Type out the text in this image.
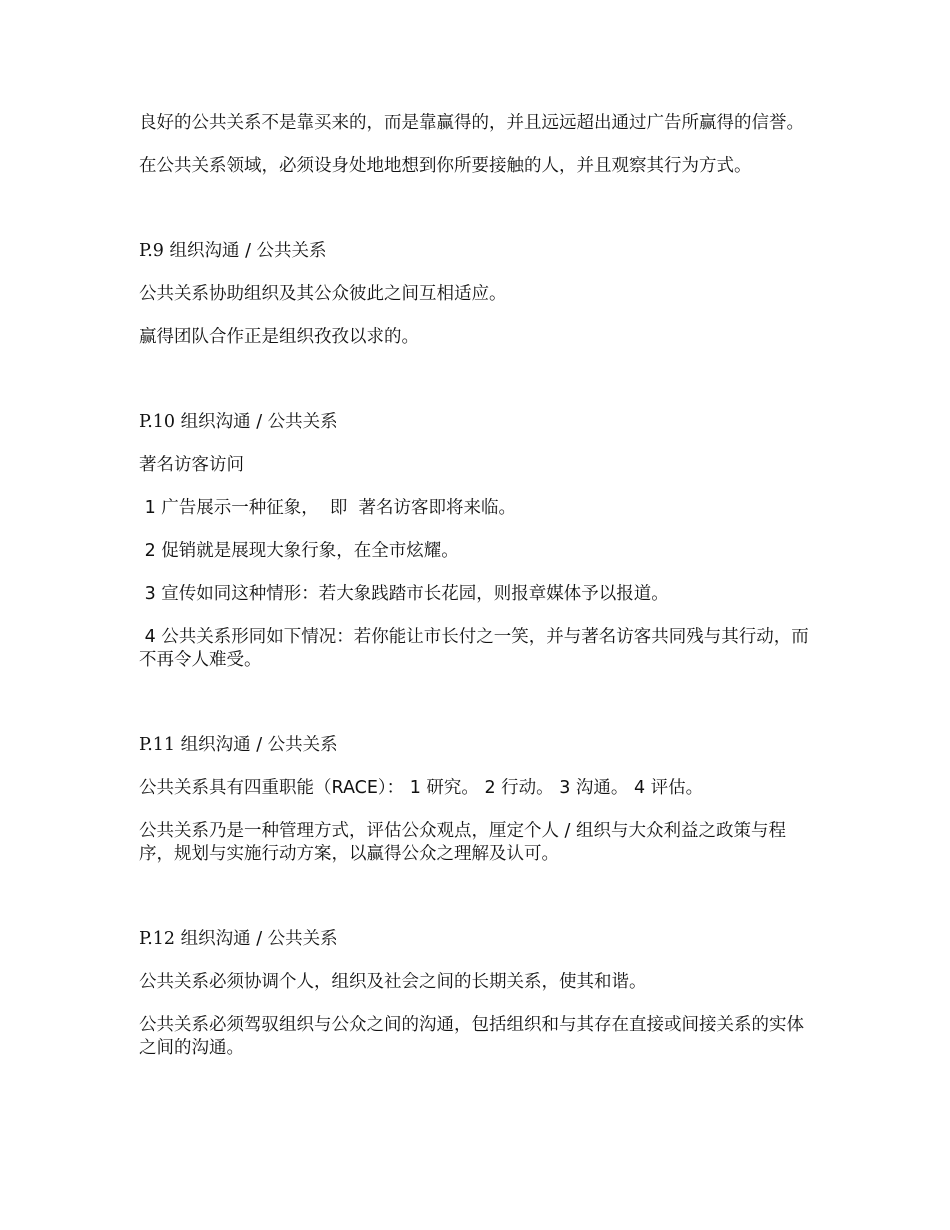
良好的公共关系不是靠买来的，而是靠赢得的，并且远远超出通过广告所赢得的信誉。

在公共关系领域，必须设身处地地想到你所要接触的人，并且观察其行为方式。

P.9 组织沟通 / 公共关系

公共关系协助组织及其公众彼此之间互相适应。

赢得团队合作正是组织孜孜以求的。

P.10 组织沟通 / 公共关系

著名访客访问

1 广告展示一种征象，  即  著名访客即将来临。

2 促销就是展现大象行象，在全市炫耀。

3 宣传如同这种情形：若大象践踏市长花园，则报章媒体予以报道。

4 公共关系形同如下情况：若你能让市长付之一笑，并与著名访客共同残与其行动，而不再令人难受。

P.11 组织沟通 / 公共关系

公共关系具有四重职能（RACE）： 1 研究。 2 行动。 3 沟通。 4 评估。

公共关系乃是一种管理方式，评估公众观点，厘定个人 / 组织与大众利益之政策与程序，规划与实施行动方案，以赢得公众之理解及认可。

P.12 组织沟通 / 公共关系

公共关系必须协调个人，组织及社会之间的长期关系，使其和谐。

公共关系必须驾驭组织与公众之间的沟通，包括组织和与其存在直接或间接关系的实体之间的沟通。
